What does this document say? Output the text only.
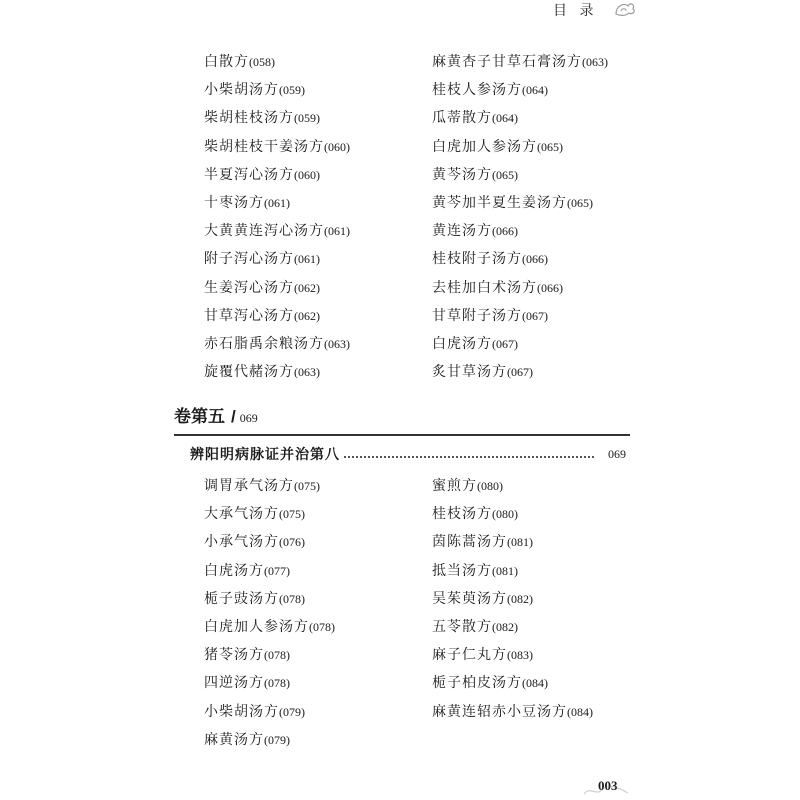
目 录
白散方(058)
小柴胡汤方(059)
柴胡桂枝汤方(059)
柴胡桂枝干姜汤方(060)
半夏泻心汤方(060)
十枣汤方(061)
大黄黄连泻心汤方(061)
附子泻心汤方(061)
生姜泻心汤方(062)
甘草泻心汤方(062)
赤石脂禹余粮汤方(063)
旋覆代赭汤方(063)
麻黄杏子甘草石膏汤方(063)
桂枝人参汤方(064)
瓜蒂散方(064)
白虎加人参汤方(065)
黄芩汤方(065)
黄芩加半夏生姜汤方(065)
黄连汤方(066)
桂枝附子汤方(066)
去桂加白术汤方(066)
甘草附子汤方(067)
白虎汤方(067)
炙甘草汤方(067)
卷第五 / 069
辨阳明病脉证并治第八	069
调胃承气汤方(075)
大承气汤方(075)
小承气汤方(076)
白虎汤方(077)
栀子豉汤方(078)
白虎加人参汤方(078)
猪苓汤方(078)
四逆汤方(078)
小柴胡汤方(079)
麻黄汤方(079)
蜜煎方(080)
桂枝汤方(080)
茵陈蒿汤方(081)
抵当汤方(081)
吴茱萸汤方(082)
五苓散方(082)
麻子仁丸方(083)
栀子柏皮汤方(084)
麻黄连轺赤小豆汤方(084)
003
